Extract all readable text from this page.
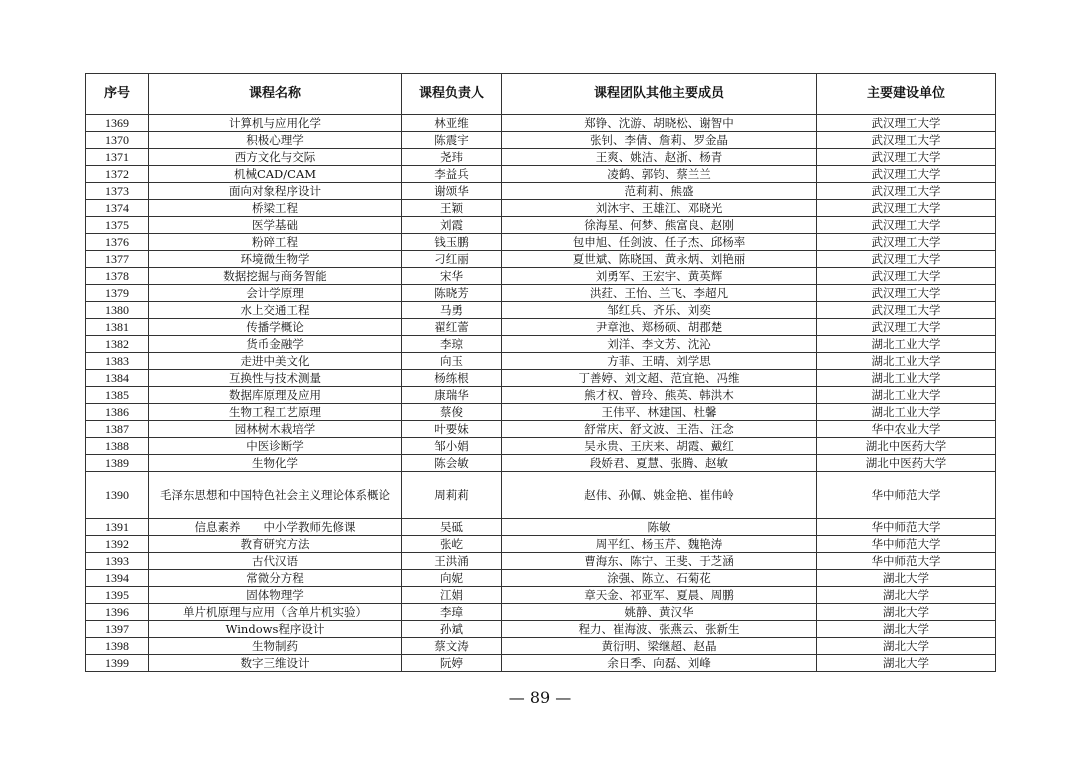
序号	课程名称	课程负责人	课程团队其他主要成员	主要建设单位
1369	计算机与应用化学	林亚维	郑铮、沈游、胡晓松、谢智中	武汉理工大学
1370	积极心理学	陈震宇	张钊、李倩、詹莉、罗金晶	武汉理工大学
1371	西方文化与交际	尧玮	王爽、姚洁、赵浙、杨青	武汉理工大学
1372	机械CAD/CAM	李益兵	凌鹤、郭钧、蔡兰兰	武汉理工大学
1373	面向对象程序设计	谢颂华	范莉莉、熊盛	武汉理工大学
1374	桥梁工程	王颖	刘沐宇、王雄江、邓晓光	武汉理工大学
1375	医学基础	刘霞	徐海星、何梦、熊富良、赵刚	武汉理工大学
1376	粉碎工程	钱玉鹏	包申旭、任剑波、任子杰、邱杨率	武汉理工大学
1377	环境微生物学	刁红丽	夏世斌、陈晓国、黄永炳、刘艳丽	武汉理工大学
1378	数据挖掘与商务智能	宋华	刘勇军、王宏宇、黄英辉	武汉理工大学
1379	会计学原理	陈晓芳	洪荭、王怡、兰飞、李超凡	武汉理工大学
1380	水上交通工程	马勇	邹红兵、齐乐、刘奕	武汉理工大学
1381	传播学概论	翟红蕾	尹章池、郑杨硕、胡郡楚	武汉理工大学
1382	货币金融学	李琼	刘洋、李文芳、沈沁	湖北工业大学
1383	走进中美文化	向玉	方菲、王晴、刘学思	湖北工业大学
1384	互换性与技术测量	杨练根	丁善婷、刘文超、范宜艳、冯维	湖北工业大学
1385	数据库原理及应用	康瑞华	熊才权、曾玲、熊英、韩洪木	湖北工业大学
1386	生物工程工艺原理	蔡俊	王伟平、林建国、杜馨	湖北工业大学
1387	园林树木栽培学	叶要妹	舒常庆、舒文波、王浩、汪念	华中农业大学
1388	中医诊断学	邹小娟	吴永贵、王庆来、胡霞、戴红	湖北中医药大学
1389	生物化学	陈会敏	段娇君、夏慧、张腾、赵敏	湖北中医药大学
1390	毛泽东思想和中国特色社会主义理论体系概论	周莉莉	赵伟、孙佩、姚金艳、崔伟岭	华中师范大学
1391	信息素养　　中小学教师先修课	吴砥	陈敏	华中师范大学
1392	教育研究方法	张屹	周平红、杨玉芹、魏艳涛	华中师范大学
1393	古代汉语	王洪涌	曹海东、陈宁、王斐、于芝涵	华中师范大学
1394	常微分方程	向妮	涂强、陈立、石菊花	湖北大学
1395	固体物理学	江娟	章天金、祁亚军、夏晨、周鹏	湖北大学
1396	单片机原理与应用（含单片机实验）	李璋	姚静、黄汉华	湖北大学
1397	Windows程序设计	孙斌	程力、崔海波、张燕云、张新生	湖北大学
1398	生物制药	蔡文涛	黄衍明、梁继超、赵晶	湖北大学
1399	数字三维设计	阮婷	余日季、向磊、刘峰	湖北大学
— 89 —
